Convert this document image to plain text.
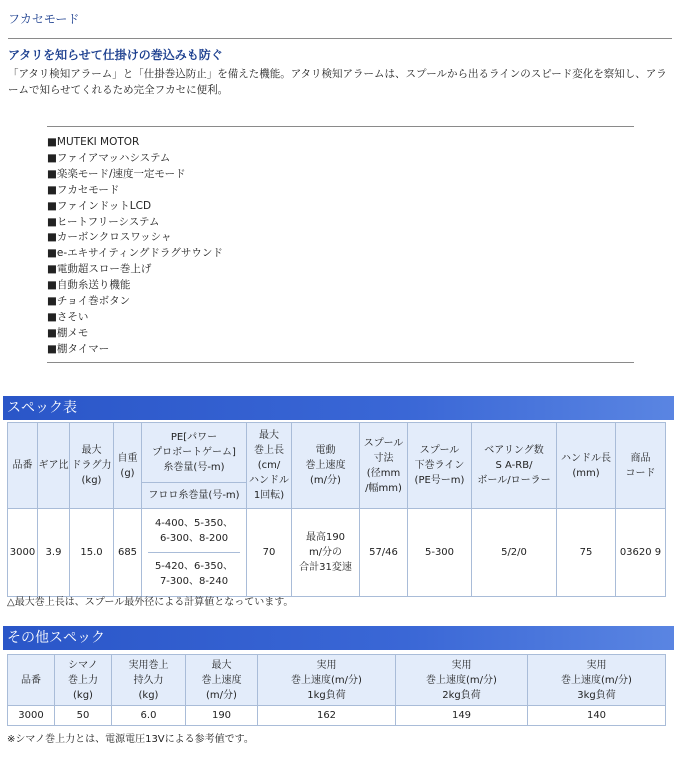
フカセモード
アタリを知らせて仕掛けの巻込みも防ぐ
「アタリ検知アラーム」と「仕掛巻込防止」を備えた機能。アタリ検知アラームは、スプールから出るラインのスピード変化を察知し、アラームで知らせてくれるため完全フカセに便利。
■MUTEKI MOTOR
■ファイアマッハシステム
■楽楽モード/速度一定モード
■フカセモード
■ファインドットLCD
■ヒートフリーシステム
■カーボンクロスワッシャ
■e-エキサイティングドラグサウンド
■電動超スロー巻上げ
■自動糸送り機能
■チョイ巻ボタン
■さそい
■棚メモ
■棚タイマー
スペック表
品番	ギア比	最大
ドラグ力
(kg)	自重
(g)	PE[パワー
プロボートゲーム]
糸巻量(号-m)	最大
巻上長
(cm/
ハンドル
1回転)	電動
巻上速度
(m/分)	スプール
寸法
(径mm
/幅mm)	スプール
下巻ライン
(PE号ーm)	ベアリング数
S A-RB/
ボール/ローラー	ハンドル長
(mm)	商品
コード

				フロロ糸巻量(号-m)							
3000	3.9	15.0	685	4-400、5-350、
6-300、8-200
5-420、6-350、
7-300、8-240	70	最高190
m/分の
合計31変速	57/46	5-300	5/2/0	75	03620 9
△最大巻上長は、スプール最外径による計算値となっています。
その他スペック
品番	シマノ
巻上力
(kg)	実用巻上
持久力
(kg)	最大
巻上速度
(m/分)	実用
巻上速度(m/分)
1kg負荷	実用
巻上速度(m/分)
2kg負荷	実用
巻上速度(m/分)
3kg負荷

3000	50	6.0	190	162	149	140
※シマノ巻上力とは、電源電圧13Vによる参考値です。
